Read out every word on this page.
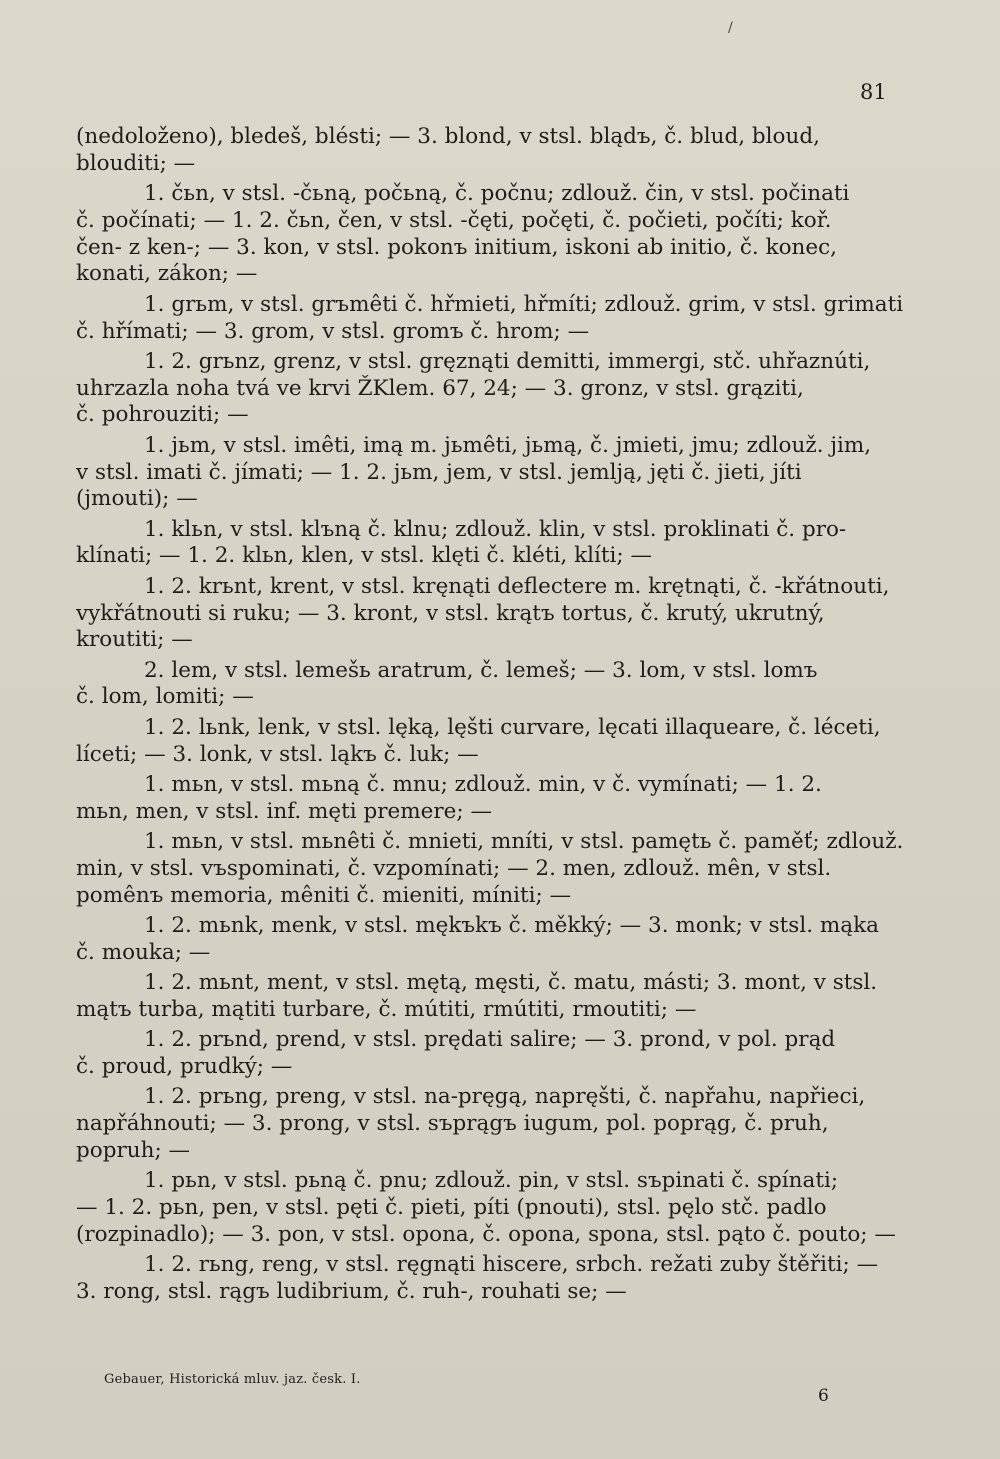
/
81
(nedoloženo), bledeš, blésti; — 3. blond, v stsl. blądъ, č. blud, bloud,
blouditi; —
1. čьn, v stsl. -čьną, počьną, č. počnu; zdlouž. čin, v stsl. počinati
č. počínati; — 1. 2. čьn, čen, v stsl. -čęti, počęti, č. počieti, počíti; koř.
čen- z ken-; — 3. kon, v stsl. pokonъ initium, iskoni ab initio, č. konec,
konati, zákon; —
1. grьm, v stsl. grъmêti č. hřmieti, hřmíti; zdlouž. grim, v stsl. grimati
č. hřímati; — 3. grom, v stsl. gromъ č. hrom; —
1. 2. grьnz, grenz, v stsl. gręznąti demitti, immergi, stč. uhřaznúti,
uhrzazla noha tvá ve krvi ŽKlem. 67, 24; — 3. gronz, v stsl. grąziti,
č. pohrouziti; —
1. jьm, v stsl. imêti, imą m. jьmêti, jьmą, č. jmieti, jmu; zdlouž. jim,
v stsl. imati č. jímati; — 1. 2. jьm, jem, v stsl. jemlją, jęti č. jieti, jíti
(jmouti); —
1. klьn, v stsl. klъną č. klnu; zdlouž. klin, v stsl. proklinati č. pro-
klínati; — 1. 2. klьn, klen, v stsl. klęti č. kléti, klíti; —
1. 2. krьnt, krent, v stsl. kręnąti deflectere m. krętnąti, č. -křátnouti,
vykřátnouti si ruku; — 3. kront, v stsl. krątъ tortus, č. krutý, ukrutný,
kroutiti; —
2. lem, v stsl. lemešь aratrum, č. lemeš; — 3. lom, v stsl. lomъ
č. lom, lomiti; —
1. 2. lьnk, lenk, v stsl. lęką, lęšti curvare, lęcati illaqueare, č. léceti,
líceti; — 3. lonk, v stsl. ląkъ č. luk; —
1. mьn, v stsl. mьną č. mnu; zdlouž. min, v č. vymínati; — 1. 2.
mьn, men, v stsl. inf. męti premere; —
1. mьn, v stsl. mьnêti č. mnieti, mníti, v stsl. pamętь č. paměť; zdlouž.
min, v stsl. vъspominati, č. vzpomínati; — 2. men, zdlouž. mên, v stsl.
pomênъ memoria, mêniti č. mieniti, míniti; —
1. 2. mьnk, menk, v stsl. mękъkъ č. měkký; — 3. monk; v stsl. mąka
č. mouka; —
1. 2. mьnt, ment, v stsl. mętą, męsti, č. matu, másti; 3. mont, v stsl.
mątъ turba, mątiti turbare, č. mútiti, rmútiti, rmoutiti; —
1. 2. prьnd, prend, v stsl. prędati salire; — 3. prond, v pol. prąd
č. proud, prudký; —
1. 2. prьng, preng, v stsl. na-pręgą, napręšti, č. napřahu, napřieci,
napřáhnouti; — 3. prong, v stsl. sъprągъ iugum, pol. poprąg, č. pruh,
popruh; —
1. pьn, v stsl. pьną č. pnu; zdlouž. pin, v stsl. sъpinati č. spínati;
— 1. 2. pьn, pen, v stsl. pęti č. pieti, píti (pnouti), stsl. pęlo stč. padlo
(rozpinadlo); — 3. pon, v stsl. opona, č. opona, spona, stsl. pąto č. pouto; —
1. 2. rьng, reng, v stsl. ręgnąti hiscere, srbch. režati zuby štěřiti; —
3. rong, stsl. rągъ ludibrium, č. ruh-, rouhati se; —
Gebauer, Historická mluv. jaz. česk. I.
6
